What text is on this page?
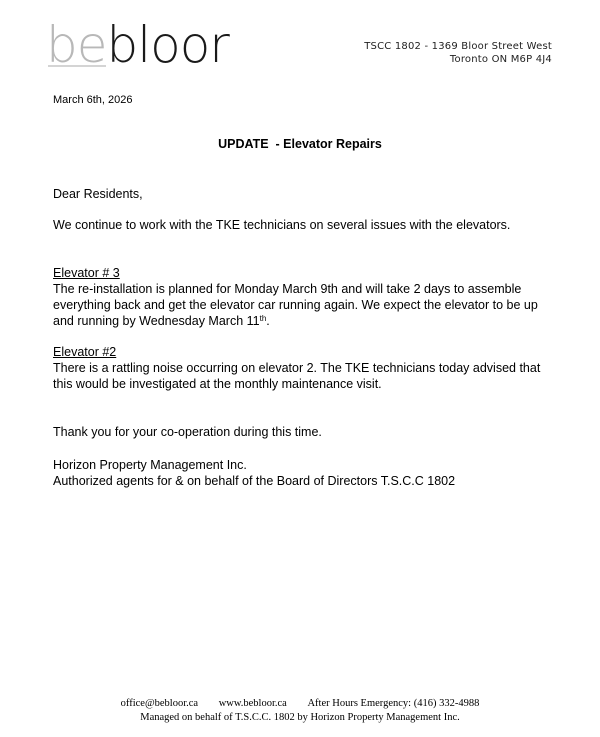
bebloor	TSCC 1802 - 1369 Bloor Street West
Toronto ON M6P 4J4
March 6th, 2026
UPDATE  - Elevator Repairs

Dear Residents,

We continue to work with the TKE technicians on several issues with the elevators.

Elevator # 3

The re-installation is planned for Monday March 9th and will take 2 days to assemble everything back and get the elevator car running again. We expect the elevator to be up and running by Wednesday March 11th.

Elevator #2

There is a rattling noise occurring on elevator 2. The TKE technicians today advised that this would be investigated at the monthly maintenance visit.

Thank you for your co-operation during this time.

Horizon Property Management Inc.

Authorized agents for & on behalf of the Board of Directors T.S.C.C 1802

office@bebloor.ca www.bebloor.ca After Hours Emergency: (416) 332-4988
Managed on behalf of T.S.C.C. 1802 by Horizon Property Management Inc.
